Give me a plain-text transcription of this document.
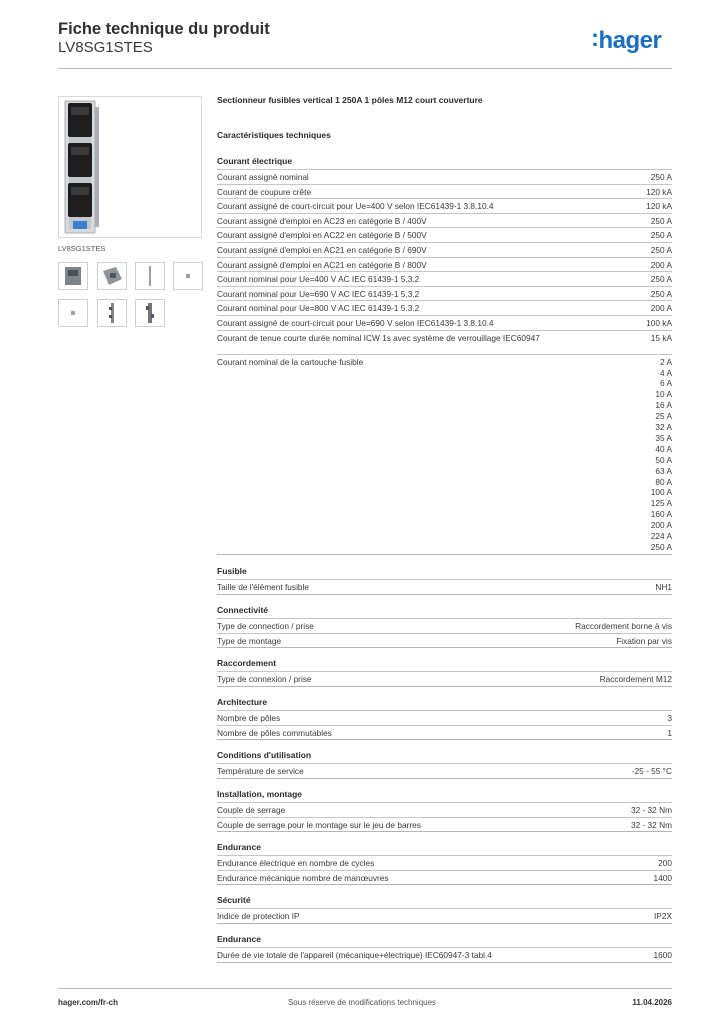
Fiche technique du produit
LV8SG1STES	:hager
LV8SG1STES
Sectionneur fusibles vertical 1 250A 1 pôles M12 court couverture
Caractéristiques techniques
Courant électrique
Courant assigné nominal	250 A
Courant de coupure crête	120 kA
Courant assigné de court-circuit pour Ue=400 V selon IEC61439-1 3.8.10.4	120 kA
Courant assigné d'emploi en AC23 en catégorie B / 400V	250 A
Courant assigné d'emploi en AC22 en catégorie B / 500V	250 A
Courant assigné d'emploi en AC21 en catégorie B / 690V	250 A
Courant assigné d'emploi en AC21 en catégorie B / 800V	200 A
Courant nominal pour Ue=400 V AC IEC 61439-1 5.3.2	250 A
Courant nominal pour Ue=690 V AC IEC 61439-1 5.3.2	250 A
Courant nominal pour Ue=800 V AC IEC 61439-1 5.3.2	200 A
Courant assigné de court-circuit pour Ue=690 V selon IEC61439-1 3.8.10.4	100 kA
Courant de tenue courte durée nominal ICW 1s avec système de verrouillage IEC60947	15 kA
Courant nominal de la cartouche fusible	2 A
4 A
6 A
10 A
16 A
25 A
32 A
35 A
40 A
50 A
63 A
80 A
100 A
125 A
160 A
200 A
224 A
250 A
Fusible
Taille de l'élément fusible	NH1
Connectivité
Type de connection / prise	Raccordement borne à vis
Type de montage	Fixation par vis
Raccordement
Type de connexion / prise	Raccordement M12
Architecture
Nombre de pôles	3
Nombre de pôles commutables	1
Conditions d'utilisation
Température de service	-25 - 55 °C
Installation, montage
Couple de serrage	32 - 32 Nm
Couple de serrage pour le montage sur le jeu de barres	32 - 32 Nm
Endurance
Endurance électrique en nombre de cycles	200
Endurance mécanique nombre de manœuvres	1400
Sécurité
Indice de protection IP	IP2X
Endurance
Durée de vie totale de l'appareil (mécanique+électrique) IEC60947-3 tabl.4	1600
hager.com/fr-ch	Sous réserve de modifications techniques	11.04.2026
